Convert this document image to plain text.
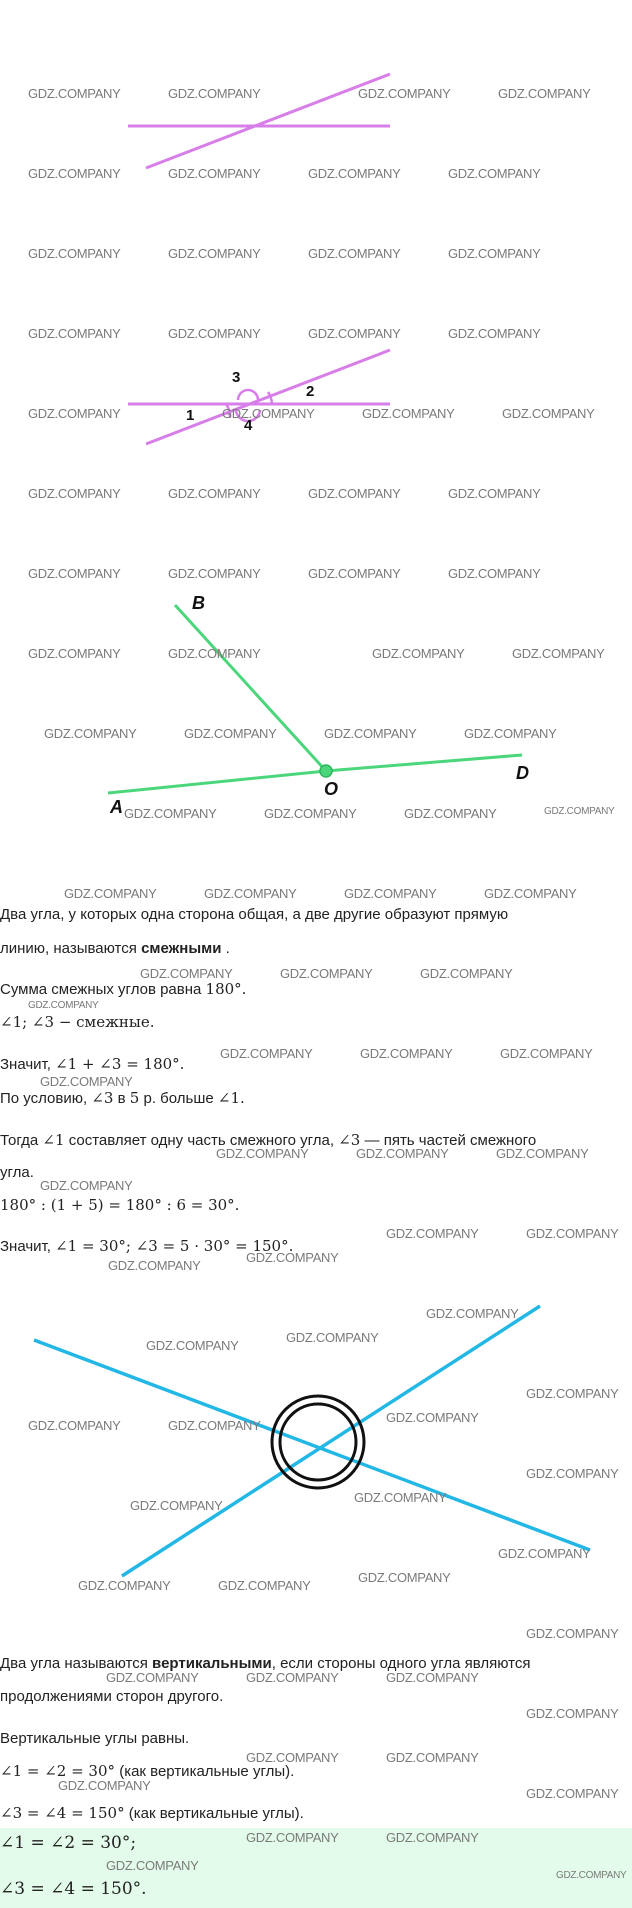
1
2
3
4
B
A
O
D
Два угла, у которых одна сторона общая, а две другие образуют прямую
линию, называются смежными .
Сумма смежных углов равна 180°.
∠1; ∠3 − смежные.
Значит, ∠1 + ∠3 = 180°.
По условию, ∠3 в 5 р. больше ∠1.
Тогда ∠1 составляет одну часть смежного угла, ∠3 — пять частей смежного
угла.
180° : (1 + 5) = 180° : 6 = 30°.
Значит, ∠1 = 30°; ∠3 = 5 · 30° = 150°.
Два угла называются вертикальными, если стороны одного угла являются
продолжениями сторон другого.
Вертикальные углы равны.
∠1 = ∠2 = 30° (как вертикальные углы).
∠3 = ∠4 = 150° (как вертикальные углы).
∠1 = ∠2 = 30°;
∠3 = ∠4 = 150°.
GDZ.COMPANY	GDZ.COMPANY	GDZ.COMPANY	GDZ.COMPANY
GDZ.COMPANY	GDZ.COMPANY	GDZ.COMPANY	GDZ.COMPANY
GDZ.COMPANY	GDZ.COMPANY	GDZ.COMPANY	GDZ.COMPANY
GDZ.COMPANY	GDZ.COMPANY	GDZ.COMPANY	GDZ.COMPANY
GDZ.COMPANY	GDZ.COMPANY	GDZ.COMPANY	GDZ.COMPANY
GDZ.COMPANY	GDZ.COMPANY	GDZ.COMPANY	GDZ.COMPANY
GDZ.COMPANY	GDZ.COMPANY	GDZ.COMPANY	GDZ.COMPANY
GDZ.COMPANY	GDZ.COMPANY	GDZ.COMPANY	GDZ.COMPANY
GDZ.COMPANY	GDZ.COMPANY	GDZ.COMPANY	GDZ.COMPANY
GDZ.COMPANY	GDZ.COMPANY	GDZ.COMPANY	GDZ.COMPANY
GDZ.COMPANY	GDZ.COMPANY	GDZ.COMPANY	GDZ.COMPANY
GDZ.COMPANY	GDZ.COMPANY	GDZ.COMPANY
GDZ.COMPANY
GDZ.COMPANY	GDZ.COMPANY	GDZ.COMPANY
GDZ.COMPANY
GDZ.COMPANY	GDZ.COMPANY	GDZ.COMPANY
GDZ.COMPANY
GDZ.COMPANY	GDZ.COMPANY
GDZ.COMPANY
GDZ.COMPANY
GDZ.COMPANY
GDZ.COMPANY
GDZ.COMPANY
GDZ.COMPANY	GDZ.COMPANY
GDZ.COMPANY
GDZ.COMPANY
GDZ.COMPANY
GDZ.COMPANY
GDZ.COMPANY
GDZ.COMPANY	GDZ.COMPANY
GDZ.COMPANY
GDZ.COMPANY
GDZ.COMPANY
GDZ.COMPANY	GDZ.COMPANY	GDZ.COMPANY
GDZ.COMPANY
GDZ.COMPANY	GDZ.COMPANY
GDZ.COMPANY
GDZ.COMPANY
GDZ.COMPANY	GDZ.COMPANY
GDZ.COMPANY
GDZ.COMPANY
